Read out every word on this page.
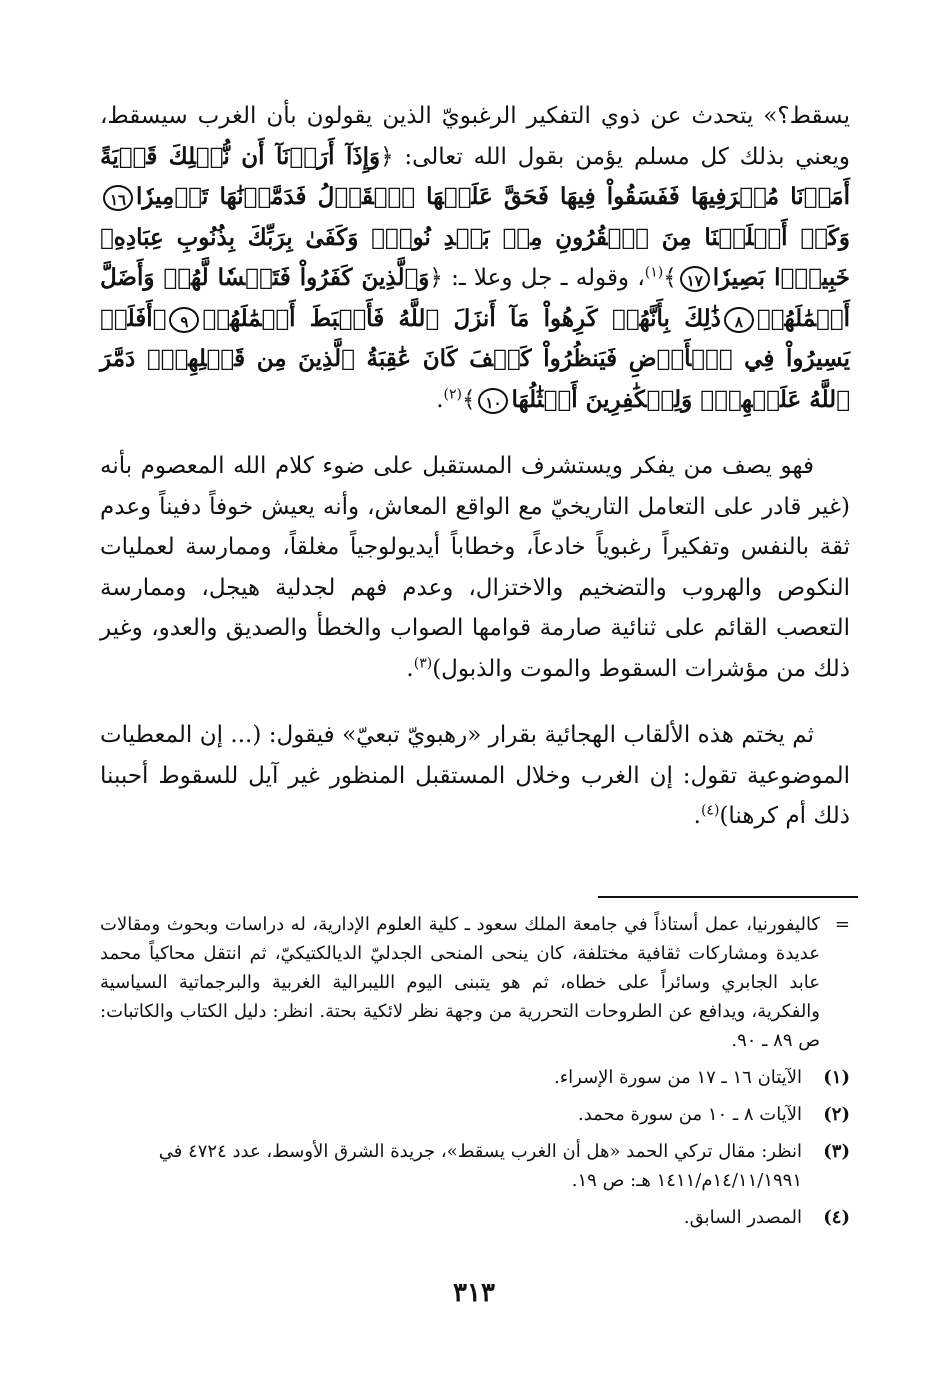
يسقط؟» يتحدث عن ذوي التفكير الرغبويّ الذين يقولون بأن الغرب سيسقط، ويعني بذلك كل مسلم يؤمن بقول الله تعالى: ﴿وَإِذَآ أَرَدۡنَآ أَن نُّهۡلِكَ قَرۡيَةً أَمَرۡنَا مُتۡرَفِيهَا فَفَسَقُواْ فِيهَا فَحَقَّ عَلَيۡهَا ٱلۡقَوۡلُ فَدَمَّرۡنَٰهَا تَدۡمِيرٗا١٦وَكَمۡ أَهۡلَكۡنَا مِنَ ٱلۡقُرُونِ مِنۢ بَعۡدِ نُوحٖۗ وَكَفَىٰ بِرَبِّكَ بِذُنُوبِ عِبَادِهِۦ خَبِيرَۢا بَصِيرٗا١٧﴾$^{(١)}$، وقوله ـ جل وعلا ـ: ﴿وَٱلَّذِينَ كَفَرُواْ فَتَعۡسٗا لَّهُمۡ وَأَضَلَّ أَعۡمَٰلَهُمۡ٨ذَٰلِكَ بِأَنَّهُمۡ كَرِهُواْ مَآ أَنزَلَ ٱللَّهُ فَأَحۡبَطَ أَعۡمَٰلَهُمۡ٩۞أَفَلَمۡ يَسِيرُواْ فِي ٱلۡأَرۡضِ فَيَنظُرُواْ كَيۡفَ كَانَ عَٰقِبَةُ ٱلَّذِينَ مِن قَبۡلِهِمۡۖ دَمَّرَ ٱللَّهُ عَلَيۡهِمۡۖ وَلِلۡكَٰفِرِينَ أَمۡثَٰلُهَا١٠﴾$^{(٢)}$.

فهو يصف من يفكر ويستشرف المستقبل على ضوء كلام الله المعصوم بأنه (غير قادر على التعامل التاريخيّ مع الواقع المعاش، وأنه يعيش خوفاً دفيناً وعدم ثقة بالنفس وتفكيراً رغبوياً خادعاً، وخطاباً أيديولوجياً مغلقاً، وممارسة لعمليات النكوص والهروب والتضخيم والاختزال، وعدم فهم لجدلية هيجل، وممارسة التعصب القائم على ثنائية صارمة قوامها الصواب والخطأ والصديق والعدو، وغير ذلك من مؤشرات السقوط والموت والذبول)$^{(٣)}$.

ثم يختم هذه الألقاب الهجائية بقرار «رهبويّ تبعيّ» فيقول: (... إن المعطيات الموضوعية تقول: إن الغرب وخلال المستقبل المنظور غير آيل للسقوط أحببنا ذلك أم كرهنا)$^{(٤)}$.

=
كاليفورنيا، عمل أستاذاً في جامعة الملك سعود ـ كلية العلوم الإدارية، له دراسات وبحوث ومقالات عديدة ومشاركات ثقافية مختلفة، كان ينحى المنحى الجدليّ الديالكتيكيّ، ثم انتقل محاكياً محمد عابد الجابري وسائراً على خطاه، ثم هو يتبنى اليوم الليبرالية الغربية والبرجماتية السياسية والفكرية، ويدافع عن الطروحات التحررية من وجهة نظر لائكية بحتة. انظر: دليل الكتاب والكاتبات: ص ٨٩ ـ ٩٠.
(١)
الآيتان ١٦ ـ ١٧ من سورة الإسراء.
(٢)
الآيات ٨ ـ ١٠ من سورة محمد.
(٣)
انظر: مقال تركي الحمد «هل أن الغرب يسقط»، جريدة الشرق الأوسط، عدد ٤٧٢٤ في ١٤/١١/١٩٩١م/١٤١١ هـ: ص ١٩.
(٤)
المصدر السابق.
٣١٣
